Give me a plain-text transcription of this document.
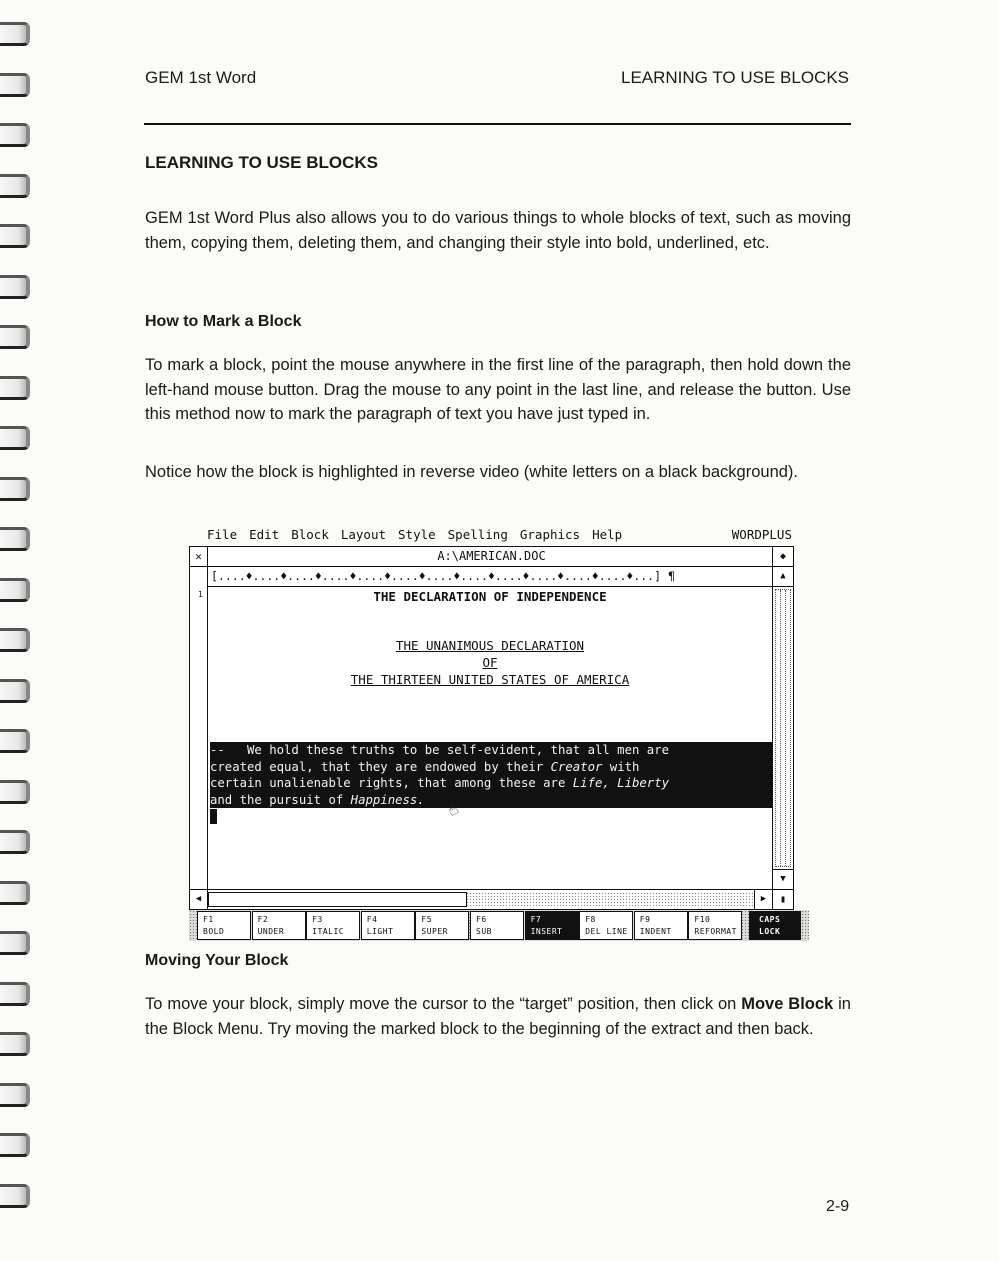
GEM 1st Word	LEARNING TO USE BLOCKS
LEARNING TO USE BLOCKS
GEM 1st Word Plus also allows you to do various things to whole blocks of text, such as moving them, copying them, deleting them, and changing their style into bold, underlined, etc.
How to Mark a Block
To mark a block, point the mouse anywhere in the first line of the paragraph, then hold down the left-hand mouse button. Drag the mouse to any point in the last line, and release the button. Use this method now to mark the paragraph of text you have just typed in.
Notice how the block is highlighted in reverse video (white letters on a black background).
File Edit Block Layout Style Spelling Graphics Help	WORDPLUS
A:\AMERICAN.DOC
✕	◆
1
[....♦....♦....♦....♦....♦....♦....♦....♦....♦....♦....♦....♦...] ¶
THE DECLARATION OF INDEPENDENCE
THE UNANIMOUS DECLARATION
OF
THE THIRTEEN UNITED STATES OF AMERICA
--   We hold these truths to be self-evident, that all men are
created equal, that they are endowed by their Creator with
certain unalienable rights, that among these are Life, Liberty
and the pursuit of Happiness.	☝
▲
▼
◀	▶	▮
CAPS
LOCK
F1
BOLD
F2
UNDER
F3
ITALIC
F4
LIGHT
F5
SUPER
F6
SUB
F7
INSERT
F8
DEL LINE
F9
INDENT
F10
REFORMAT
Moving Your Block
To move your block, simply move the cursor to the “target” position, then click on Move Block in the Block Menu. Try moving the marked block to the beginning of the extract and then back.
2-9
